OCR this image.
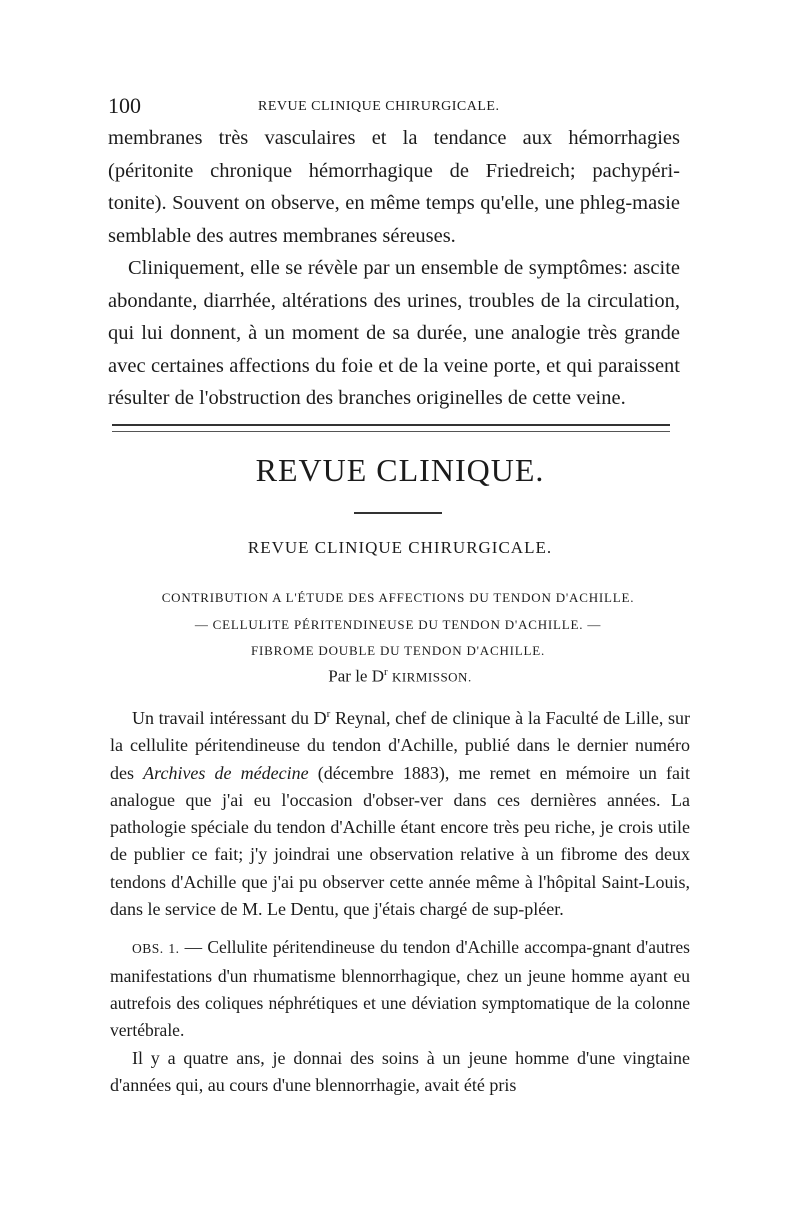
100	REVUE CLINIQUE CHIRURGICALE.

membranes très vasculaires et la tendance aux hémorrhagies (péritonite chronique hémorrhagique de Friedreich; pachypéri-tonite). Souvent on observe, en même temps qu'elle, une phleg-masie semblable des autres membranes séreuses.

Cliniquement, elle se révèle par un ensemble de symptômes: ascite abondante, diarrhée, altérations des urines, troubles de la circulation, qui lui donnent, à un moment de sa durée, une analogie très grande avec certaines affections du foie et de la veine porte, et qui paraissent résulter de l'obstruction des branches originelles de cette veine.

REVUE CLINIQUE.
REVUE CLINIQUE CHIRURGICALE.
CONTRIBUTION A L'ÉTUDE DES AFFECTIONS DU TENDON D'ACHILLE.
— CELLULITE PÉRITENDINEUSE DU TENDON D'ACHILLE. —
FIBROME DOUBLE DU TENDON D'ACHILLE.
Par le $D^r$ KIRMISSON.

Un travail intéressant du $D^r$ Reynal, chef de clinique à la Faculté de Lille, sur la cellulite péritendineuse du tendon d'Achille, publié dans le dernier numéro des Archives de médecine (décembre 1883), me remet en mémoire un fait analogue que j'ai eu l'occasion d'obser-ver dans ces dernières années. La pathologie spéciale du tendon d'Achille étant encore très peu riche, je crois utile de publier ce fait; j'y joindrai une observation relative à un fibrome des deux tendons d'Achille que j'ai pu observer cette année même à l'hôpital Saint-Louis, dans le service de M. Le Dentu, que j'étais chargé de sup-pléer.

OBS. 1. — Cellulite péritendineuse du tendon d'Achille accompa-gnant d'autres manifestations d'un rhumatisme blennorrhagique, chez un jeune homme ayant eu autrefois des coliques néphrétiques et une déviation symptomatique de la colonne vertébrale.

Il y a quatre ans, je donnai des soins à un jeune homme d'une vingtaine d'années qui, au cours d'une blennorrhagie, avait été pris
